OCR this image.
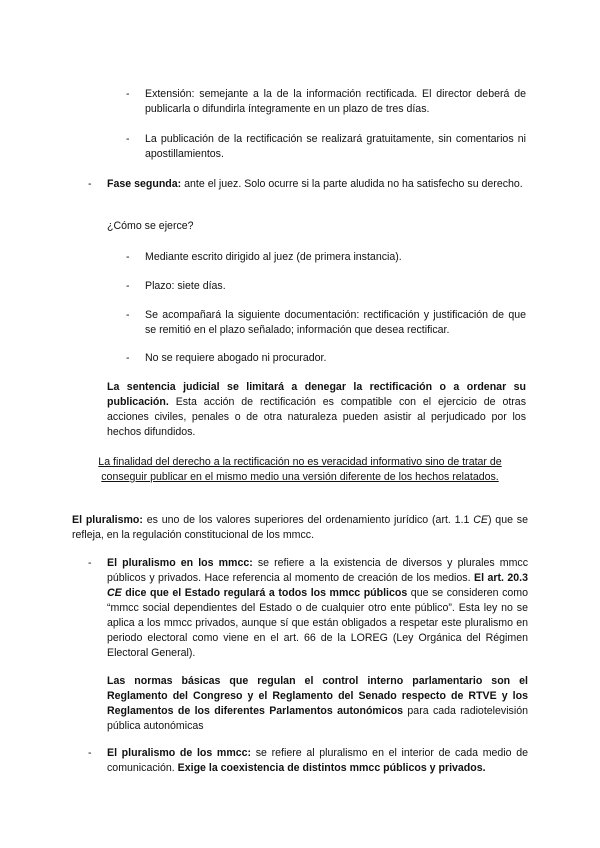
- Extensión: semejante a la de la información rectificada. El director deberá de publicarla o difundirla íntegramente en un plazo de tres días.
- La publicación de la rectificación se realizará gratuitamente, sin comentarios ni apostillamientos.
- Fase segunda: ante el juez. Solo ocurre si la parte aludida no ha satisfecho su derecho.
¿Cómo se ejerce?
- Mediante escrito dirigido al juez (de primera instancia).
- Plazo: siete días.
- Se acompañará la siguiente documentación: rectificación y justificación de que se remitió en el plazo señalado; información que desea rectificar.
- No se requiere abogado ni procurador.
La sentencia judicial se limitará a denegar la rectificación o a ordenar su publicación. Esta acción de rectificación es compatible con el ejercicio de otras acciones civiles, penales o de otra naturaleza pueden asistir al perjudicado por los hechos difundidos.
La finalidad del derecho a la rectificación no es veracidad informativo sino de tratar de conseguir publicar en el mismo medio una versión diferente de los hechos relatados.
El pluralismo: es uno de los valores superiores del ordenamiento jurídico (art. 1.1 CE) que se refleja, en la regulación constitucional de los mmcc.
- El pluralismo en los mmcc: se refiere a la existencia de diversos y plurales mmcc públicos y privados. Hace referencia al momento de creación de los medios. El art. 20.3 CE dice que el Estado regulará a todos los mmcc públicos que se consideren como “mmcc social dependientes del Estado o de cualquier otro ente público”. Esta ley no se aplica a los mmcc privados, aunque sí que están obligados a respetar este pluralismo en periodo electoral como viene en el art. 66 de la LOREG (Ley Orgánica del Régimen Electoral General).
Las normas básicas que regulan el control interno parlamentario son el Reglamento del Congreso y el Reglamento del Senado respecto de RTVE y los Reglamentos de los diferentes Parlamentos autonómicos para cada radiotelevisión pública autonómicas
- El pluralismo de los mmcc: se refiere al pluralismo en el interior de cada medio de comunicación. Exige la coexistencia de distintos mmcc públicos y privados.
